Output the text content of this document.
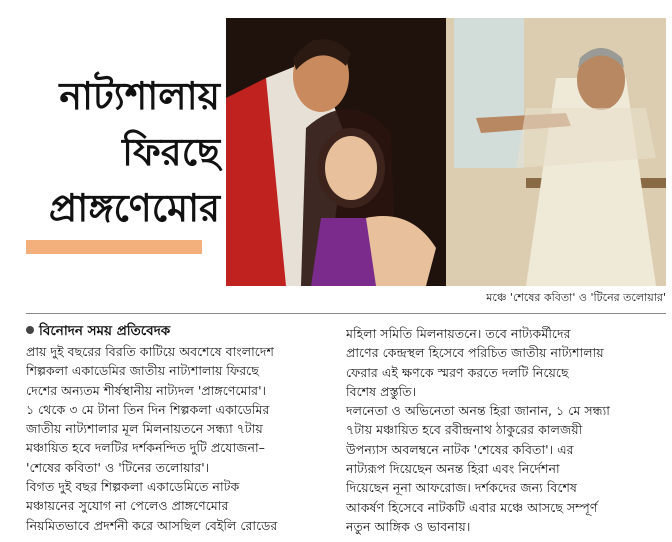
নাট্যশালায়
ফিরছে
প্রাঙ্গণেমোর
মঞ্চে 'শেষের কবিতা' ও 'টিনের তলোয়ার'
বিনোদন সময় প্রতিবেদক
প্রায় দুই বছরের বিরতি কাটিয়ে অবশেষে বাংলাদেশ
শিল্পকলা একাডেমির জাতীয় নাট্যশালায় ফিরছে
দেশের অন্যতম শীর্ষস্থানীয় নাট্যদল 'প্রাঙ্গণেমোর'।
১ থেকে ৩ মে টানা তিন দিন শিল্পকলা একাডেমির
জাতীয় নাট্যশালার মূল মিলনায়তনে সন্ধ্যা ৭টায়
মঞ্চায়িত হবে দলটির দর্শকনন্দিত দুটি প্রযোজনা–
'শেষের কবিতা' ও 'টিনের তলোয়ার'।
বিগত দুই বছর শিল্পকলা একাডেমিতে নাটক
মঞ্চায়নের সুযোগ না পেলেও প্রাঙ্গণেমোর
নিয়মিতভাবে প্রদর্শনী করে আসছিল বেইলি রোডের
মহিলা সমিতি মিলনায়তনে। তবে নাট্যকর্মীদের
প্রাণের কেন্দ্রস্থল হিসেবে পরিচিত জাতীয় নাট্যশালায়
ফেরার এই ক্ষণকে স্মরণ করতে দলটি নিয়েছে
বিশেষ প্রস্তুতি।
দলনেতা ও অভিনেতা অনন্ত হিরা জানান, ১ মে সন্ধ্যা
৭টায় মঞ্চায়িত হবে রবীন্দ্রনাথ ঠাকুরের কালজয়ী
উপন্যাস অবলম্বনে নাটক 'শেষের কবিতা'। এর
নাট্যরূপ দিয়েছেন অনন্ত হিরা এবং নির্দেশনা
দিয়েছেন নূনা আফরোজ। দর্শকদের জন্য বিশেষ
আকর্ষণ হিসেবে নাটকটি এবার মঞ্চে আসছে সম্পূর্ণ
নতুন আঙ্গিক ও ভাবনায়।
